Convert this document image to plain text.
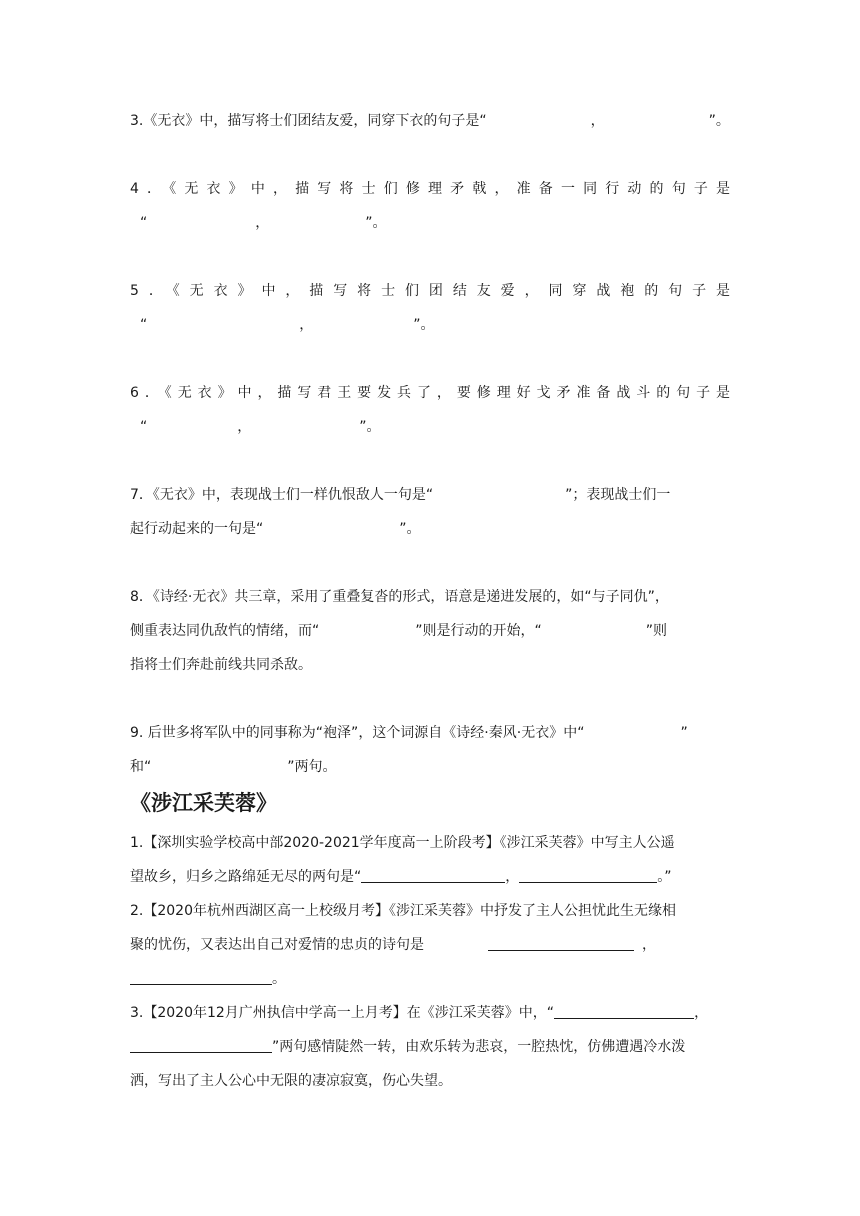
3.《无衣》中，描写将士们团结友爱，同穿下衣的句子是“	，	”。

4．《无衣》中，描写将士们修理矛戟，准备一同行动的句子是
“	，	”。

5．《无衣》中，描写将士们团结友爱，同穿战袍的句子是
“	，	”。

6．《无衣》中，描写君王要发兵了，要修理好戈矛准备战斗的句子是
“	，	”。

7．《无衣》中，表现战士们一样仇恨敌人一句是“	”；表现战士们一
起行动起来的一句是“	”。

8．《诗经·无衣》共三章，采用了重叠复沓的形式，语意是递进发展的，如“与子同仇”，
侧重表达同仇敌忾的情绪，而“	”则是行动的开始，“	”则
指将士们奔赴前线共同杀敌。

9. 后世多将军队中的同事称为“袍泽”，这个词源自《诗经·秦风·无衣》中“	”
和“	”两句。

《涉江采芙蓉》

1.【深圳实验学校高中部2020-2021学年度高一上阶段考】《涉江采芙蓉》中写主人公遥
望故乡，归乡之路绵延无尽的两句是“	，	。”

2.【2020年杭州西湖区高一上校级月考】《涉江采芙蓉》中抒发了主人公担忧此生无缘相
聚的忧伤，又表达出自己对爱情的忠贞的诗句是	，
。

3.【2020年12月广州执信中学高一上月考】在《涉江采芙蓉》中，“	，
”两句感情陡然一转，由欢乐转为悲哀，一腔热忱，仿佛遭遇冷水泼
洒，写出了主人公心中无限的凄凉寂寞，伤心失望。
